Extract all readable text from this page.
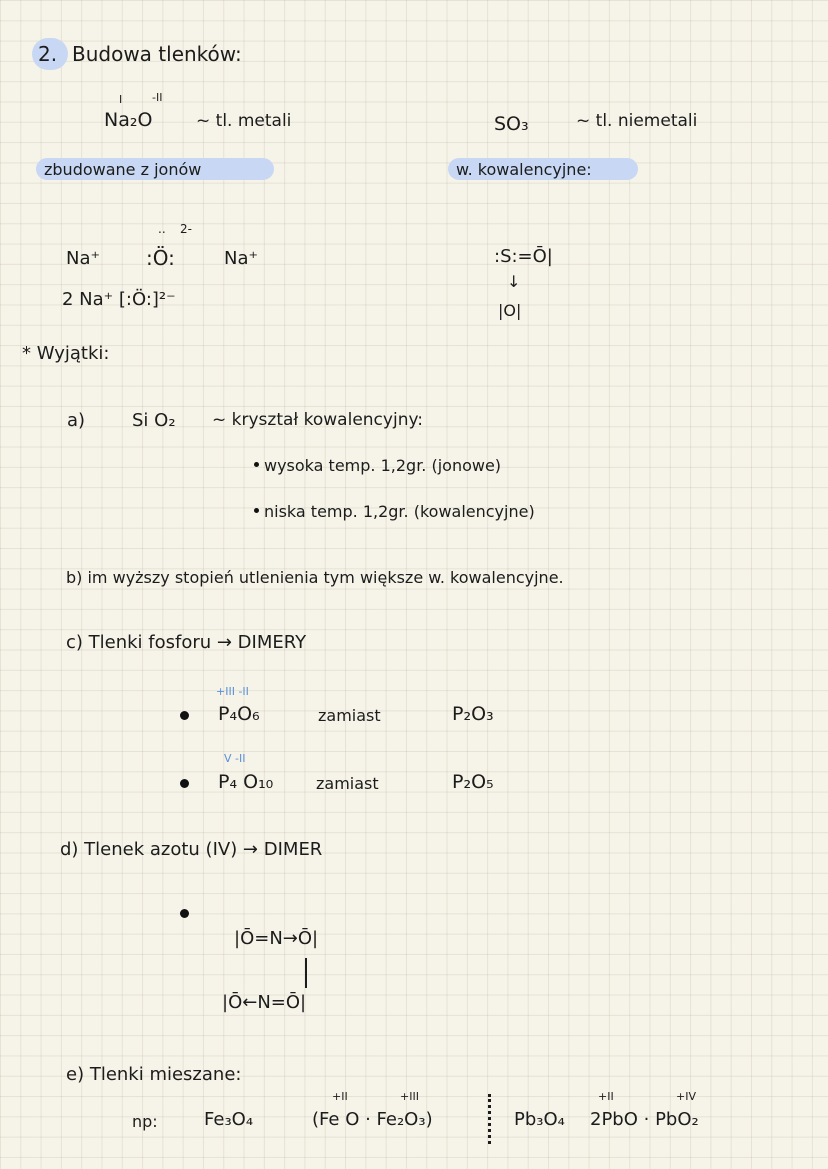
2. Budowa tlenków:
I	-II
Na₂O	~ tl. metali
zbudowane z jonów
.. 2-
Na⁺ :Ö:	Na⁺
2 Na⁺ [:Ö:]²⁻
SO₃	~ tl. niemetali
w. kowalencyjne:
:S:=Ō|
↓
|O|
* Wyjątki:
a)	Si O₂ ~ kryształ kowalencyjny:
wysoka temp. 1,2gr. (jonowe)
niska temp. 1,2gr. (kowalencyjne)
b) im wyższy stopień utlenienia tym większe w. kowalencyjne.
c) Tlenki fosforu → DIMERY
+III -II
P₄O₆	zamiast	P₂O₃
V -II
P₄ O₁₀	zamiast	P₂O₅
d) Tlenek azotu (IV) → DIMER
|Ō=N→Ō|
|Ō←N=Ō|
e) Tlenki mieszane:
np:	Fe₃O₄
+II	+III
(Fe O · Fe₂O₃)	Pb₃O₄
+II	+IV
2PbO · PbO₂
